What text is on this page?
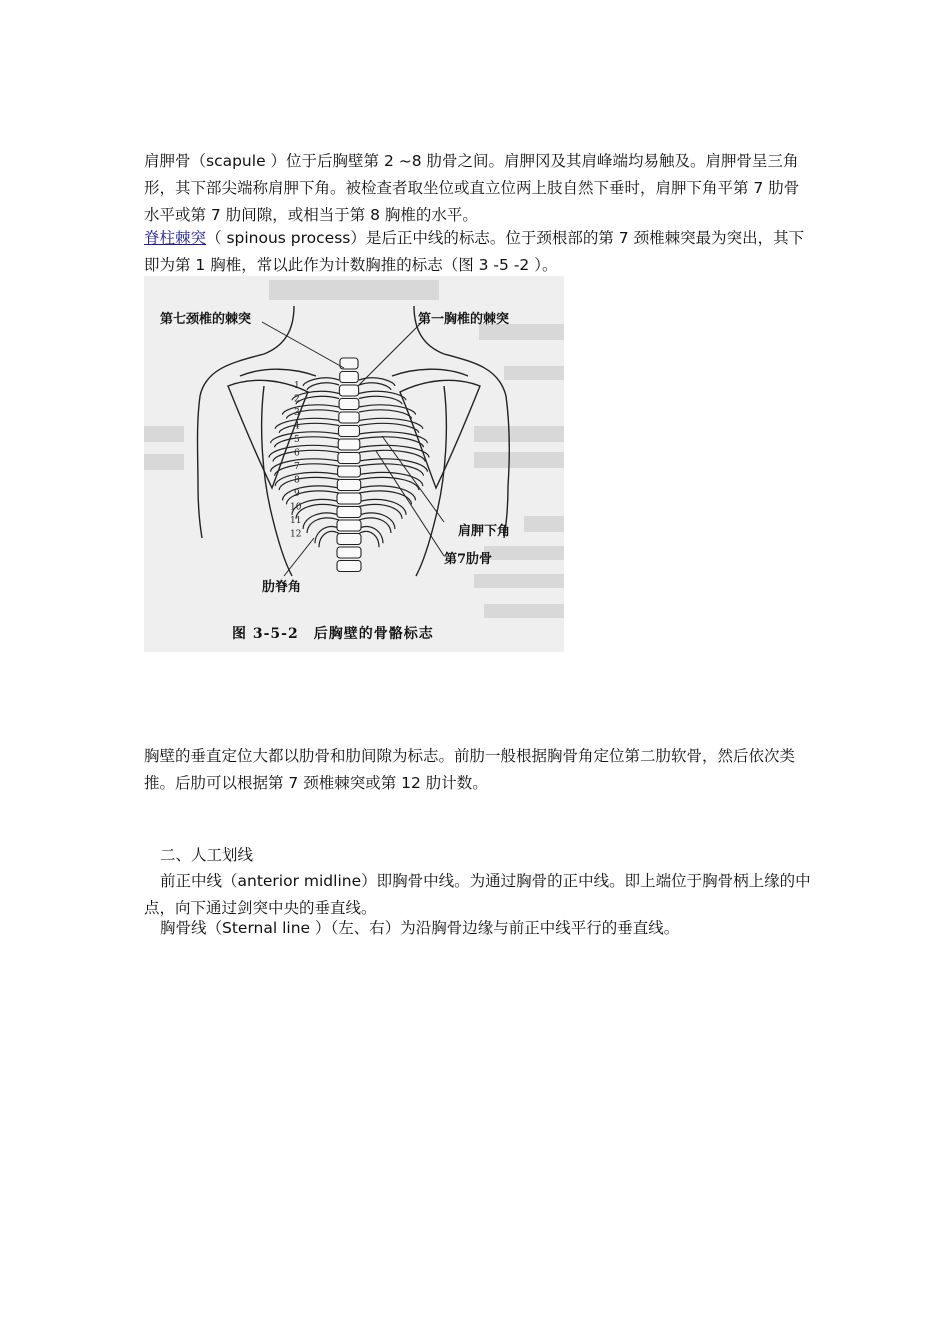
肩胛骨（scapule ）位于后胸壁第 2 ~8 肋骨之间。肩胛冈及其肩峰端均易触及。肩胛骨呈三角形，其下部尖端称肩胛下角。被检查者取坐位或直立位两上肢自然下垂时，肩胛下角平第 7 肋骨水平或第 7 肋间隙，或相当于第 8 胸椎的水平。

脊柱棘突（ spinous process）是后正中线的标志。位于颈根部的第 7 颈椎棘突最为突出，其下即为第 1 胸椎，常以此作为计数胸推的标志（图 3 -5 -2 ）。

1
2
3
4
5
6
7
8
9
10
11
12
第七颈椎的棘突	第一胸椎的棘突
肩胛下角
第7肋骨
肋脊角
图 3-5-2　后胸壁的骨骼标志

胸壁的垂直定位大都以肋骨和肋间隙为标志。前肋一般根据胸骨角定位第二肋软骨，然后依次类推。后肋可以根据第 7 颈椎棘突或第 12 肋计数。

二、人工划线

前正中线（anterior midline）即胸骨中线。为通过胸骨的正中线。即上端位于胸骨柄上缘的中点，向下通过剑突中央的垂直线。

胸骨线（Sternal line ）（左、右）为沿胸骨边缘与前正中线平行的垂直线。
